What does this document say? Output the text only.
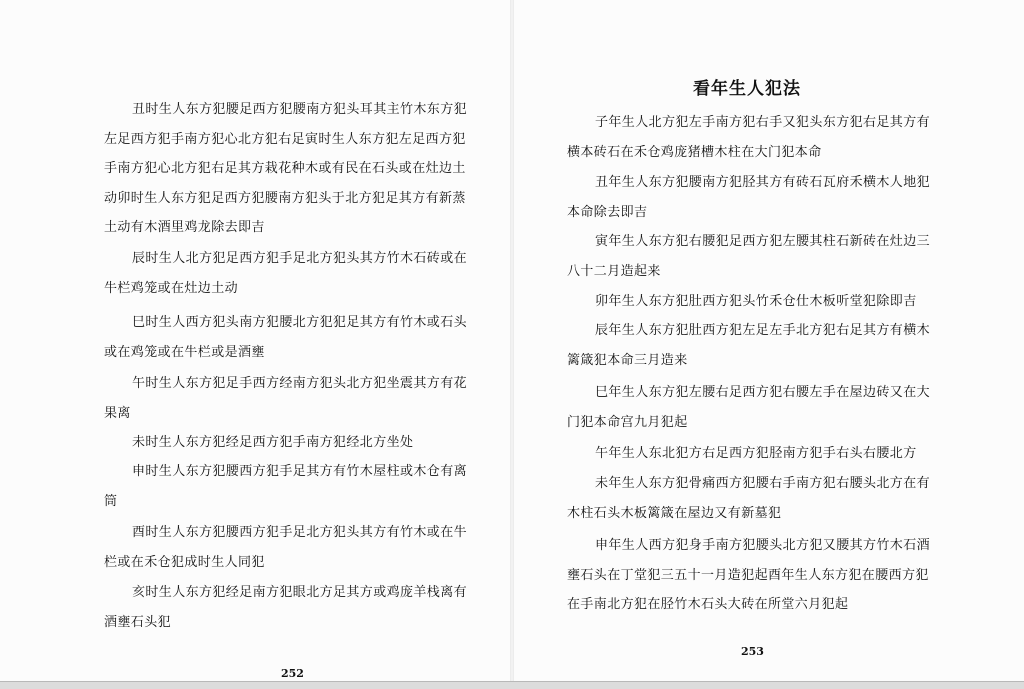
丑时生人东方犯腰足西方犯腰南方犯头耳其主竹木东方犯
左足西方犯手南方犯心北方犯右足寅时生人东方犯左足西方犯
手南方犯心北方犯右足其方栽花种木或有民在石头或在灶边土
动卯时生人东方犯足西方犯腰南方犯头于北方犯足其方有新蒸
土动有木酒里鸡龙除去即吉
辰时生人北方犯足西方犯手足北方犯头其方竹木石砖或在
牛栏鸡笼或在灶边土动
巳时生人西方犯头南方犯腰北方犯犯足其方有竹木或石头
或在鸡笼或在牛栏或是酒壅
午时生人东方犯足手西方经南方犯头北方犯坐震其方有花
果离
未时生人东方犯经足西方犯手南方犯经北方坐处
申时生人东方犯腰西方犯手足其方有竹木屋柱或木仓有离
筒
酉时生人东方犯腰西方犯手足北方犯头其方有竹木或在牛
栏或在禾仓犯成时生人同犯
亥时生人东方犯经足南方犯眼北方足其方或鸡庞羊栈离有
酒壅石头犯
252
看年生人犯法
子年生人北方犯左手南方犯右手又犯头东方犯右足其方有
横本砖石在禾仓鸡庞猪槽木柱在大门犯本命
丑年生人东方犯腰南方犯胫其方有砖石瓦府禾横木人地犯
本命除去即吉
寅年生人东方犯右腰犯足西方犯左腰其柱石新砖在灶边三
八十二月造起来
卯年生人东方犯肚西方犯头竹禾仓仕木板听堂犯除即吉
辰年生人东方犯肚西方犯左足左手北方犯右足其方有横木
篱箴犯本命三月造来
巳年生人东方犯左腰右足西方犯右腰左手在屋边砖又在大
门犯本命宫九月犯起
午年生人东北犯方右足西方犯胫南方犯手右头右腰北方
未年生人东方犯骨痛西方犯腰右手南方犯右腰头北方在有
木柱石头木板篱箴在屋边又有新墓犯
申年生人西方犯身手南方犯腰头北方犯又腰其方竹木石酒
壅石头在丁堂犯三五十一月造犯起酉年生人东方犯在腰西方犯
在手南北方犯在胫竹木石头大砖在所堂六月犯起
253
